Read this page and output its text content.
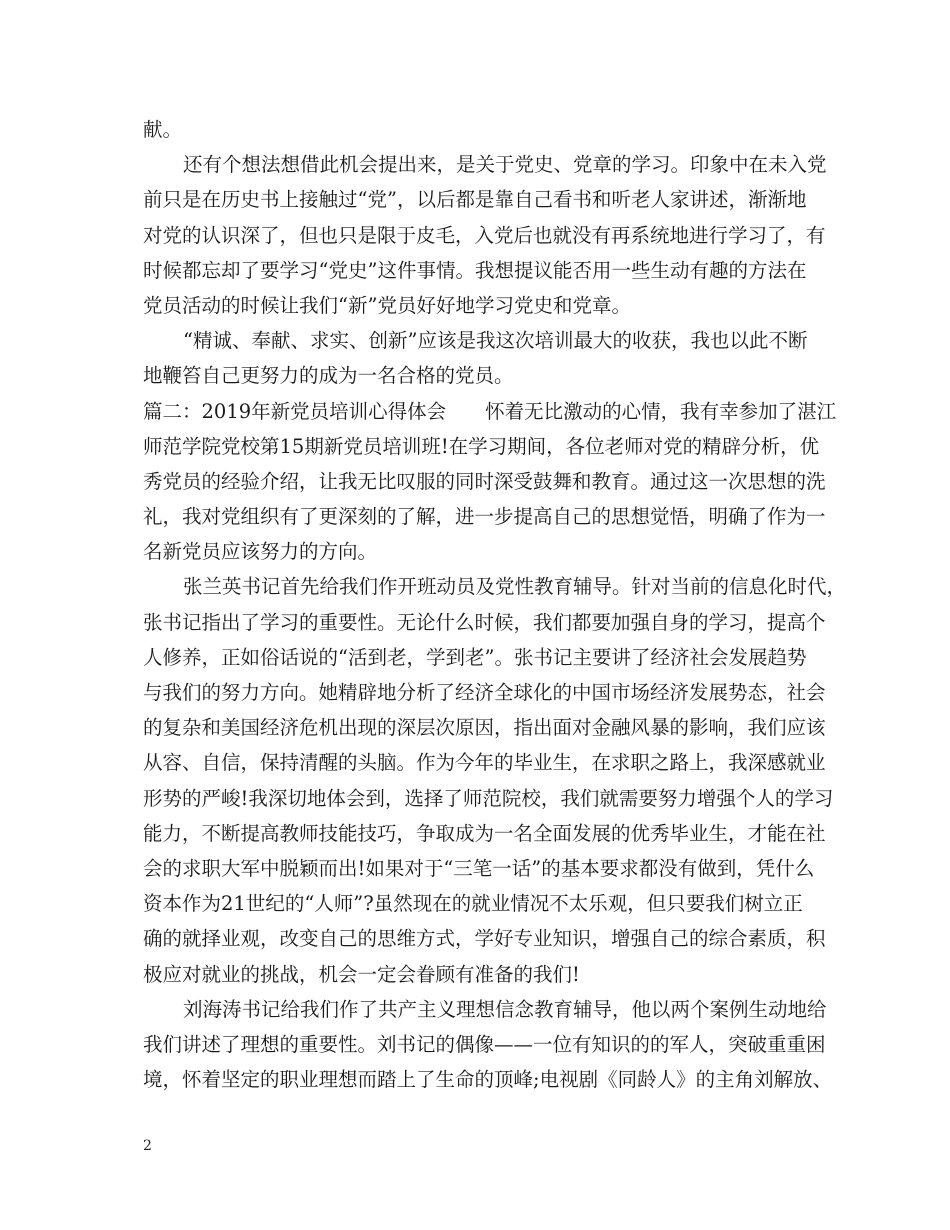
献。
还有个想法想借此机会提出来，是关于党史、党章的学习。印象中在未入党
前只是在历史书上接触过“党”，以后都是靠自己看书和听老人家讲述，渐渐地
对党的认识深了，但也只是限于皮毛，入党后也就没有再系统地进行学习了，有
时候都忘却了要学习“党史”这件事情。我想提议能否用一些生动有趣的方法在
党员活动的时候让我们“新”党员好好地学习党史和党章。
“精诚、奉献、求实、创新”应该是我这次培训最大的收获，我也以此不断
地鞭笞自己更努力的成为一名合格的党员。
篇二：2019年新党员培训心得体会　　怀着无比激动的心情，我有幸参加了湛江
师范学院党校第15期新党员培训班!在学习期间，各位老师对党的精辟分析，优
秀党员的经验介绍，让我无比叹服的同时深受鼓舞和教育。通过这一次思想的洗
礼，我对党组织有了更深刻的了解，进一步提高自己的思想觉悟，明确了作为一
名新党员应该努力的方向。
张兰英书记首先给我们作开班动员及党性教育辅导。针对当前的信息化时代，
张书记指出了学习的重要性。无论什么时候，我们都要加强自身的学习，提高个
人修养，正如俗话说的“活到老，学到老”。张书记主要讲了经济社会发展趋势
与我们的努力方向。她精辟地分析了经济全球化的中国市场经济发展势态，社会
的复杂和美国经济危机出现的深层次原因，指出面对金融风暴的影响，我们应该
从容、自信，保持清醒的头脑。作为今年的毕业生，在求职之路上，我深感就业
形势的严峻!我深切地体会到，选择了师范院校，我们就需要努力增强个人的学习
能力，不断提高教师技能技巧，争取成为一名全面发展的优秀毕业生，才能在社
会的求职大军中脱颖而出!如果对于“三笔一话”的基本要求都没有做到，凭什么
资本作为21世纪的“人师”?虽然现在的就业情况不太乐观，但只要我们树立正
确的就择业观，改变自己的思维方式，学好专业知识，增强自己的综合素质，积
极应对就业的挑战，机会一定会眷顾有准备的我们!
刘海涛书记给我们作了共产主义理想信念教育辅导，他以两个案例生动地给
我们讲述了理想的重要性。刘书记的偶像——一位有知识的的军人，突破重重困
境，怀着坚定的职业理想而踏上了生命的顶峰;电视剧《同龄人》的主角刘解放、
2
